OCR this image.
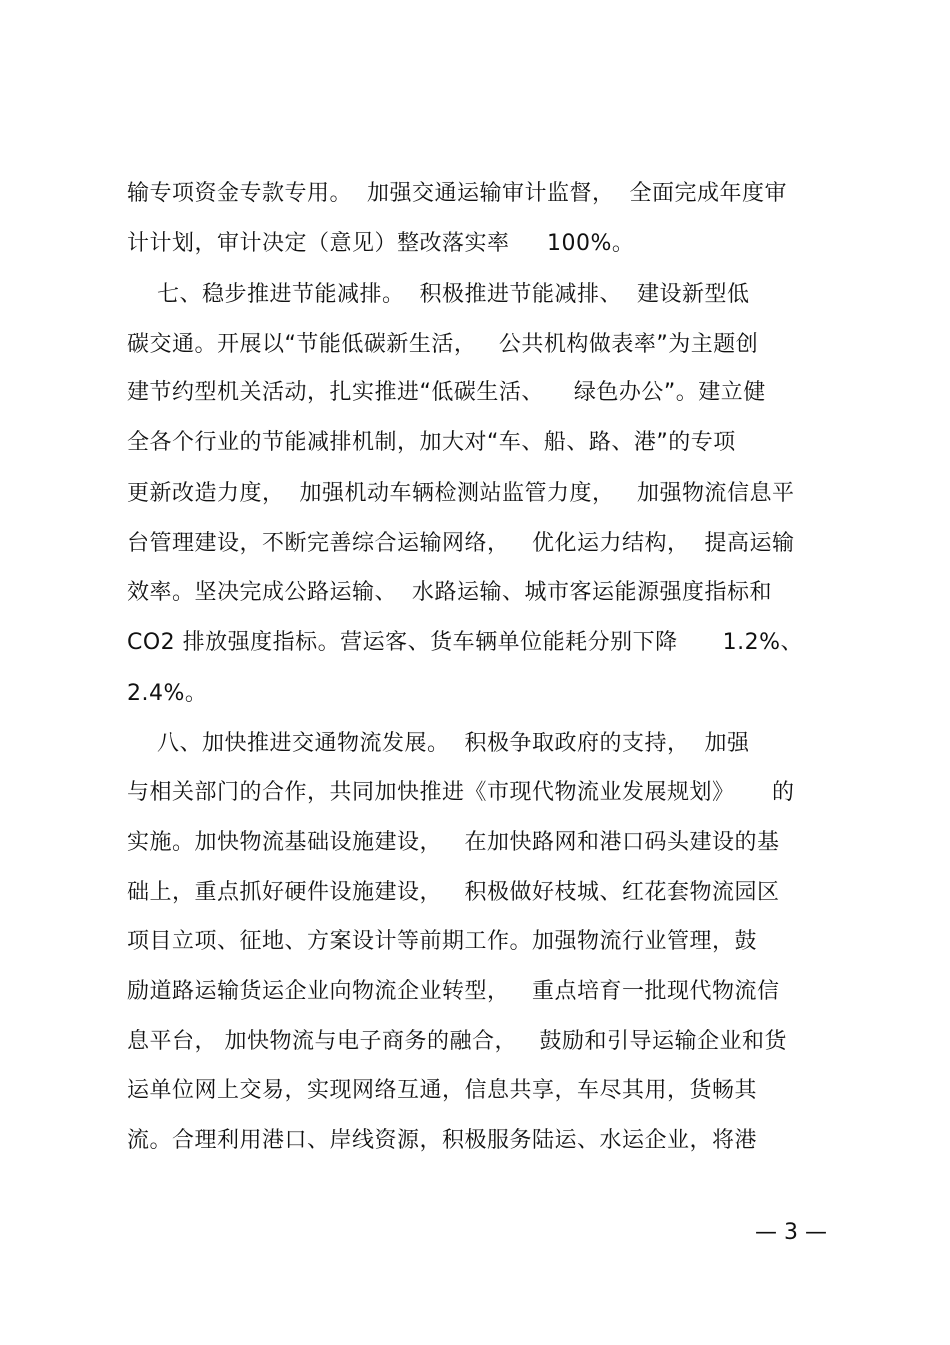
输专项资金专款专用。  加强交通运输审计监督，  全面完成年度审
计计划，审计决定（意见）整改落实率     100%。
七、稳步推进节能减排。  积极推进节能减排、  建设新型低
碳交通。开展以“节能低碳新生活，   公共机构做表率”为主题创
建节约型机关活动，扎实推进“低碳生活、    绿色办公”。建立健
全各个行业的节能减排机制，加大对“车、船、路、港”的专项
更新改造力度，  加强机动车辆检测站监管力度，   加强物流信息平
台管理建设，不断完善综合运输网络，   优化运力结构，  提高运输
效率。坚决完成公路运输、  水路运输、城市客运能源强度指标和
CO2 排放强度指标。营运客、货车辆单位能耗分别下降      1.2%、
2.4%。
八、加快推进交通物流发展。  积极争取政府的支持，  加强
与相关部门的合作，共同加快推进《市现代物流业发展规划》     的
实施。加快物流基础设施建设，   在加快路网和港口码头建设的基
础上，重点抓好硬件设施建设，   积极做好枝城、红花套物流园区
项目立项、征地、方案设计等前期工作。加强物流行业管理，鼓
励道路运输货运企业向物流企业转型，   重点培育一批现代物流信
息平台， 加快物流与电子商务的融合，   鼓励和引导运输企业和货
运单位网上交易，实现网络互通，信息共享，车尽其用，货畅其
流。合理利用港口、岸线资源，积极服务陆运、水运企业，将港
— 3 —
